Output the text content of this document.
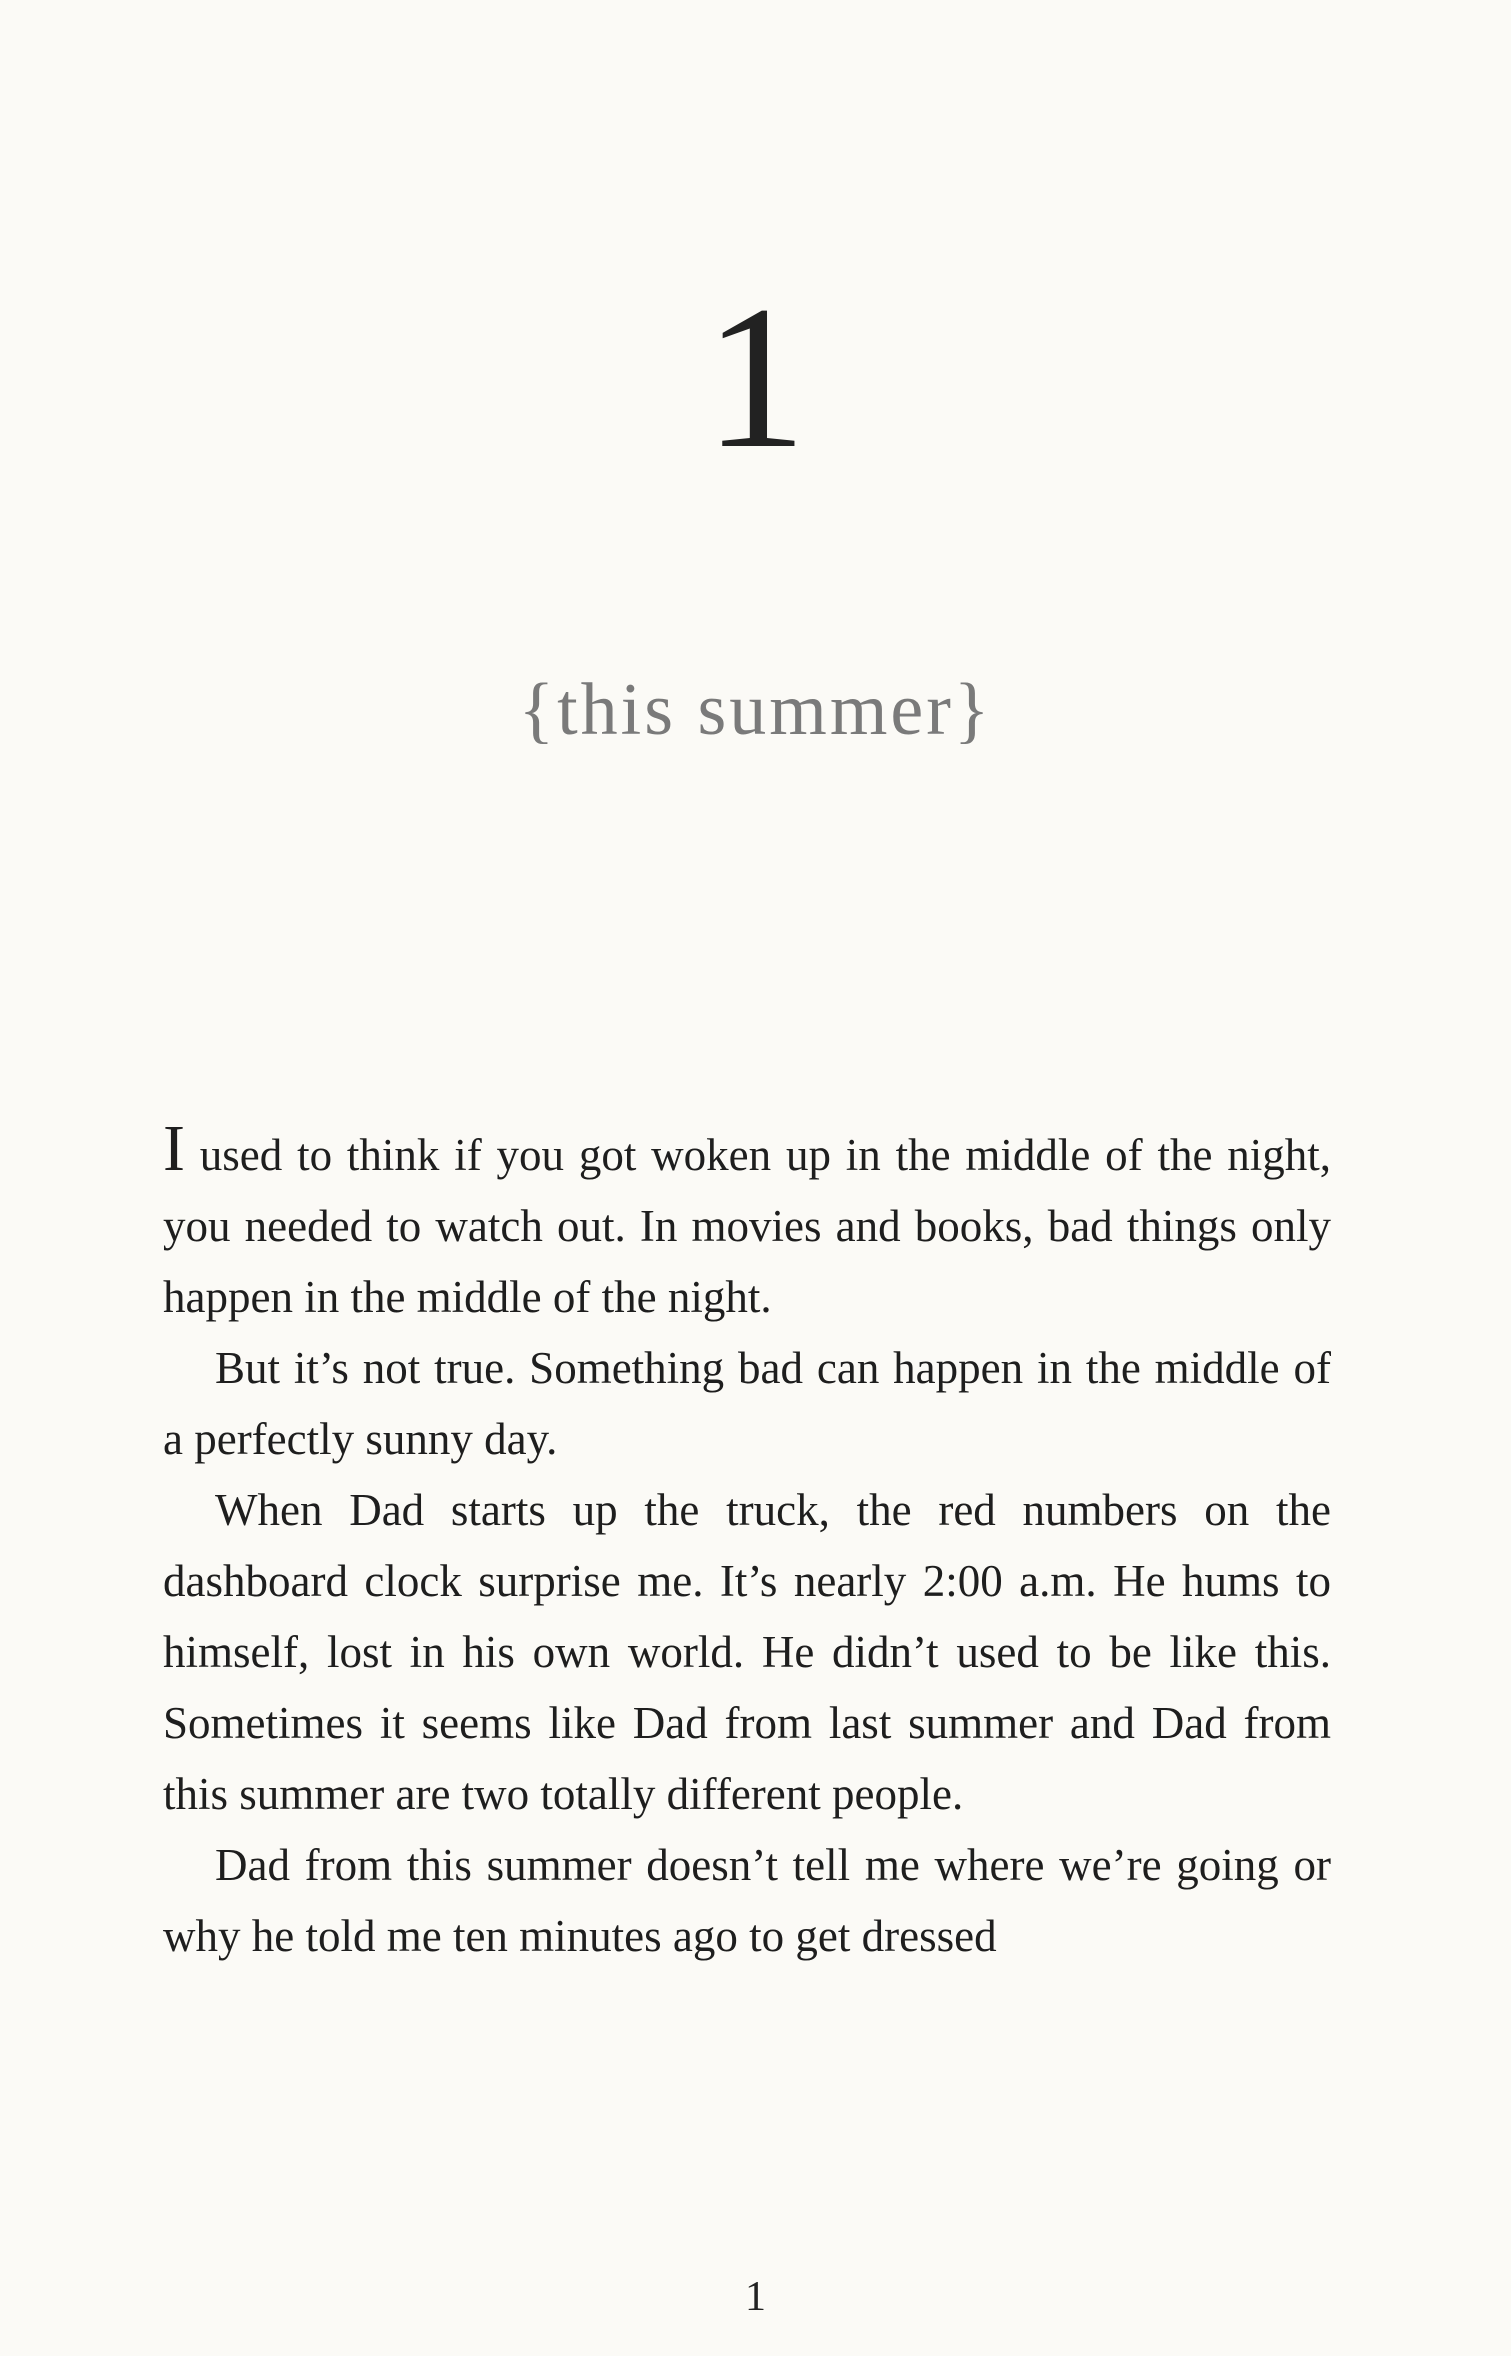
1
{this summer}

I used to think if you got woken up in the middle of the night, you needed to watch out. In movies and books, bad things only happen in the middle of the night.

But it’s not true. Something bad can happen in the middle of a perfectly sunny day.

When Dad starts up the truck, the red numbers on the dashboard clock surprise me. It’s nearly 2:00 a.m. He hums to himself, lost in his own world. He didn’t used to be like this. Sometimes it seems like Dad from last summer and Dad from this summer are two totally different people.

Dad from this summer doesn’t tell me where we’re going or why he told me ten minutes ago to get dressed

1
